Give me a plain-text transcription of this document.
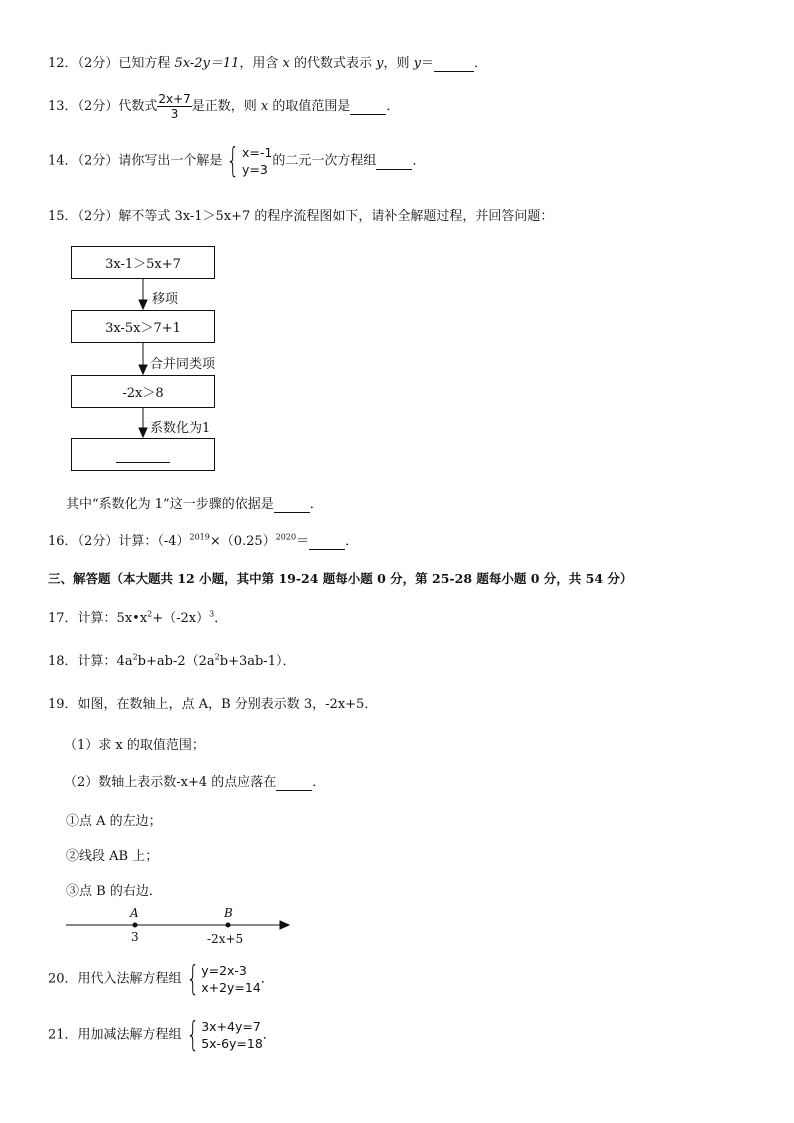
12．（2分）已知方程 5x-2y＝11，用含 x 的代数式表示 y，则 y＝	．
13．（2分）代数式 $\frac{2x+7}{3}$ 是正数，则 x 的取值范围是	．
14．（2分）请你写出一个解是 { x=-1
y=3
的二元一次方程组	．
15．（2分）解不等式 3x-1＞5x+7 的程序流程图如下，请补全解题过程，并回答问题：
3x-1＞5x+7
3x-5x＞7+1
-2x＞8

移项
合并同类项
系数化为1
其中“系数化为 1”这一步骤的依据是	．
16．（2分）计算：$(-4)^{2019}\times(0.25)^{2020}=$	．
三、解答题（本大题共 12 小题，其中第 19-24 题每小题 0 分，第 25-28 题每小题 0 分，共 54 分）
17．计算：$5x•x^2+(-2x)^3$．
18．计算：$4a^2b+ab-2(2a^2b+3ab-1)$．
19．如图，在数轴上，点 A，B 分别表示数 3，-2x+5．
（1）求 x 的取值范围；
（2）数轴上表示数-x+4 的点应落在	．
①点 A 的左边；
②线段 AB 上；
③点 B 的右边．
A	B
3	-2x+5
20．用代入法解方程组 { y=2x-3
x+2y=14
．
21．用加减法解方程组 { 3x+4y=7
5x-6y=18
．
